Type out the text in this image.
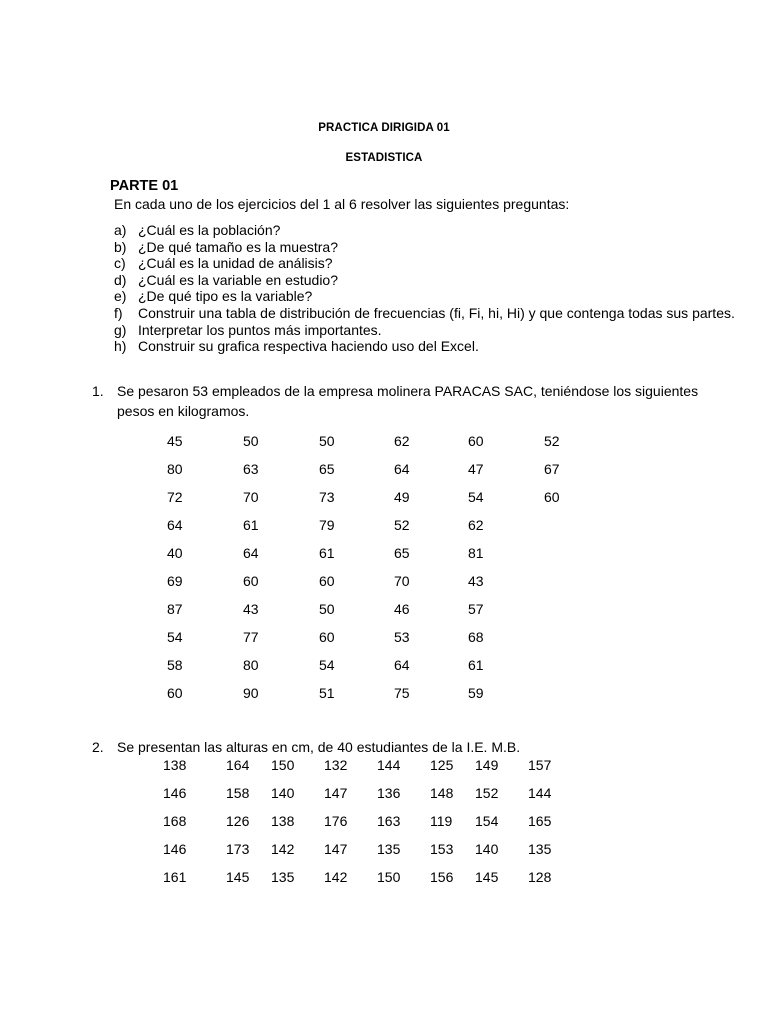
PRACTICA DIRIGIDA 01
ESTADISTICA
PARTE 01
En cada uno de los ejercicios del 1 al 6 resolver las siguientes preguntas:
a) ¿Cuál es la población?
b) ¿De qué tamaño es la muestra?
c) ¿Cuál es la unidad de análisis?
d) ¿Cuál es la variable en estudio?
e) ¿De qué tipo es la variable?
f) Construir una tabla de distribución de frecuencias (fi, Fi, hi, Hi) y que contenga todas sus partes.
g) Interpretar los puntos más importantes.
h) Construir su grafica respectiva haciendo uso del Excel.
1. Se pesaron 53 empleados de la empresa molinera PARACAS SAC, teniéndose los siguientes
pesos en kilogramos.
45	50	50	62	60	52
80	63	65	64	47	67
72	70	73	49	54	60
64	61	79	52	62
40	64	61	65	81
69	60	60	70	43
87	43	50	46	57
54	77	60	53	68
58	80	54	64	61
60	90	51	75	59
2. Se presentan las alturas en cm, de 40 estudiantes de la I.E. M.B.
138	164 150 132 144 125 149 157
146	158 140 147 136 148 152 144
168	126 138 176 163 119 154 165
146	173 142 147 135 153 140 135
161	145 135 142 150 156 145 128
